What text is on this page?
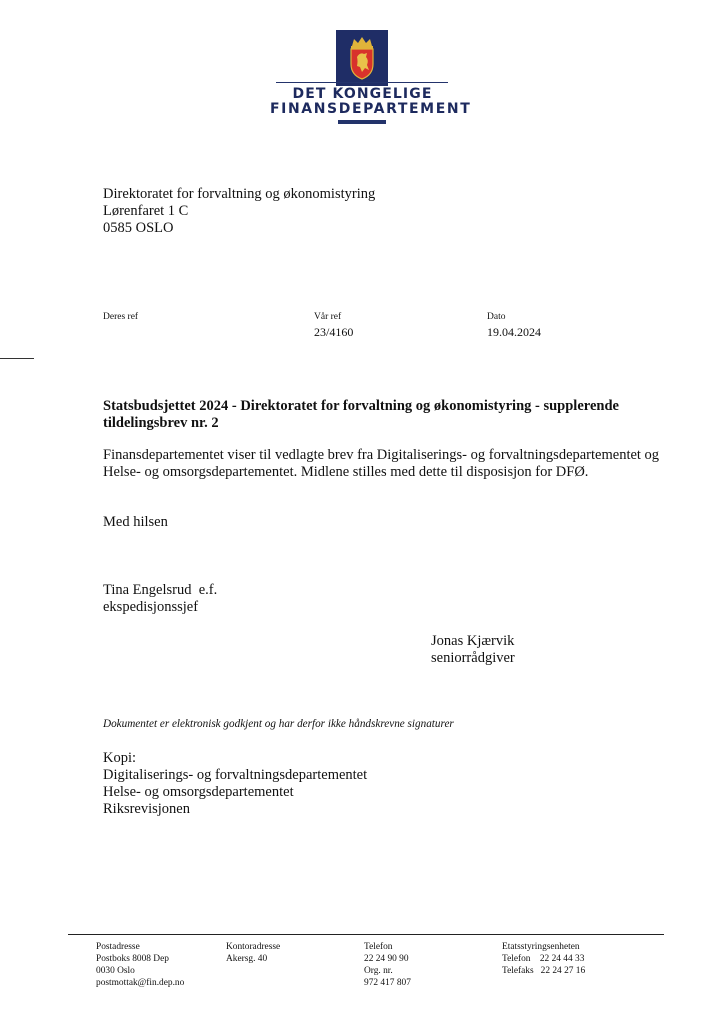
DET KONGELIGE
FINANSDEPARTEMENT
Direktoratet for forvaltning og økonomistyring
Lørenfaret 1 C
0585 OSLO
Deres ref	Vår ref
23/4160
Dato
19.04.2024
Statsbudsjettet 2024 - Direktoratet for forvaltning og økonomistyring - supplerende tildelingsbrev nr. 2
Finansdepartementet viser til vedlagte brev fra Digitaliserings- og forvaltningsdepartementet og Helse- og omsorgsdepartementet. Midlene stilles med dette til disposisjon for DFØ.
Med hilsen
Tina Engelsrud  e.f.
ekspedisjonssjef
Jonas Kjærvik
seniorrådgiver
Dokumentet er elektronisk godkjent og har derfor ikke håndskrevne signaturer
Kopi:
Digitaliserings- og forvaltningsdepartementet
Helse- og omsorgsdepartementet
Riksrevisjonen
Postadresse
Postboks 8008 Dep
0030 Oslo
postmottak@fin.dep.no
Kontoradresse
Akersg. 40
Telefon
22 24 90 90
Org. nr.
972 417 807
Etatsstyringsenheten
Telefon    22 24 44 33
Telefaks   22 24 27 16
